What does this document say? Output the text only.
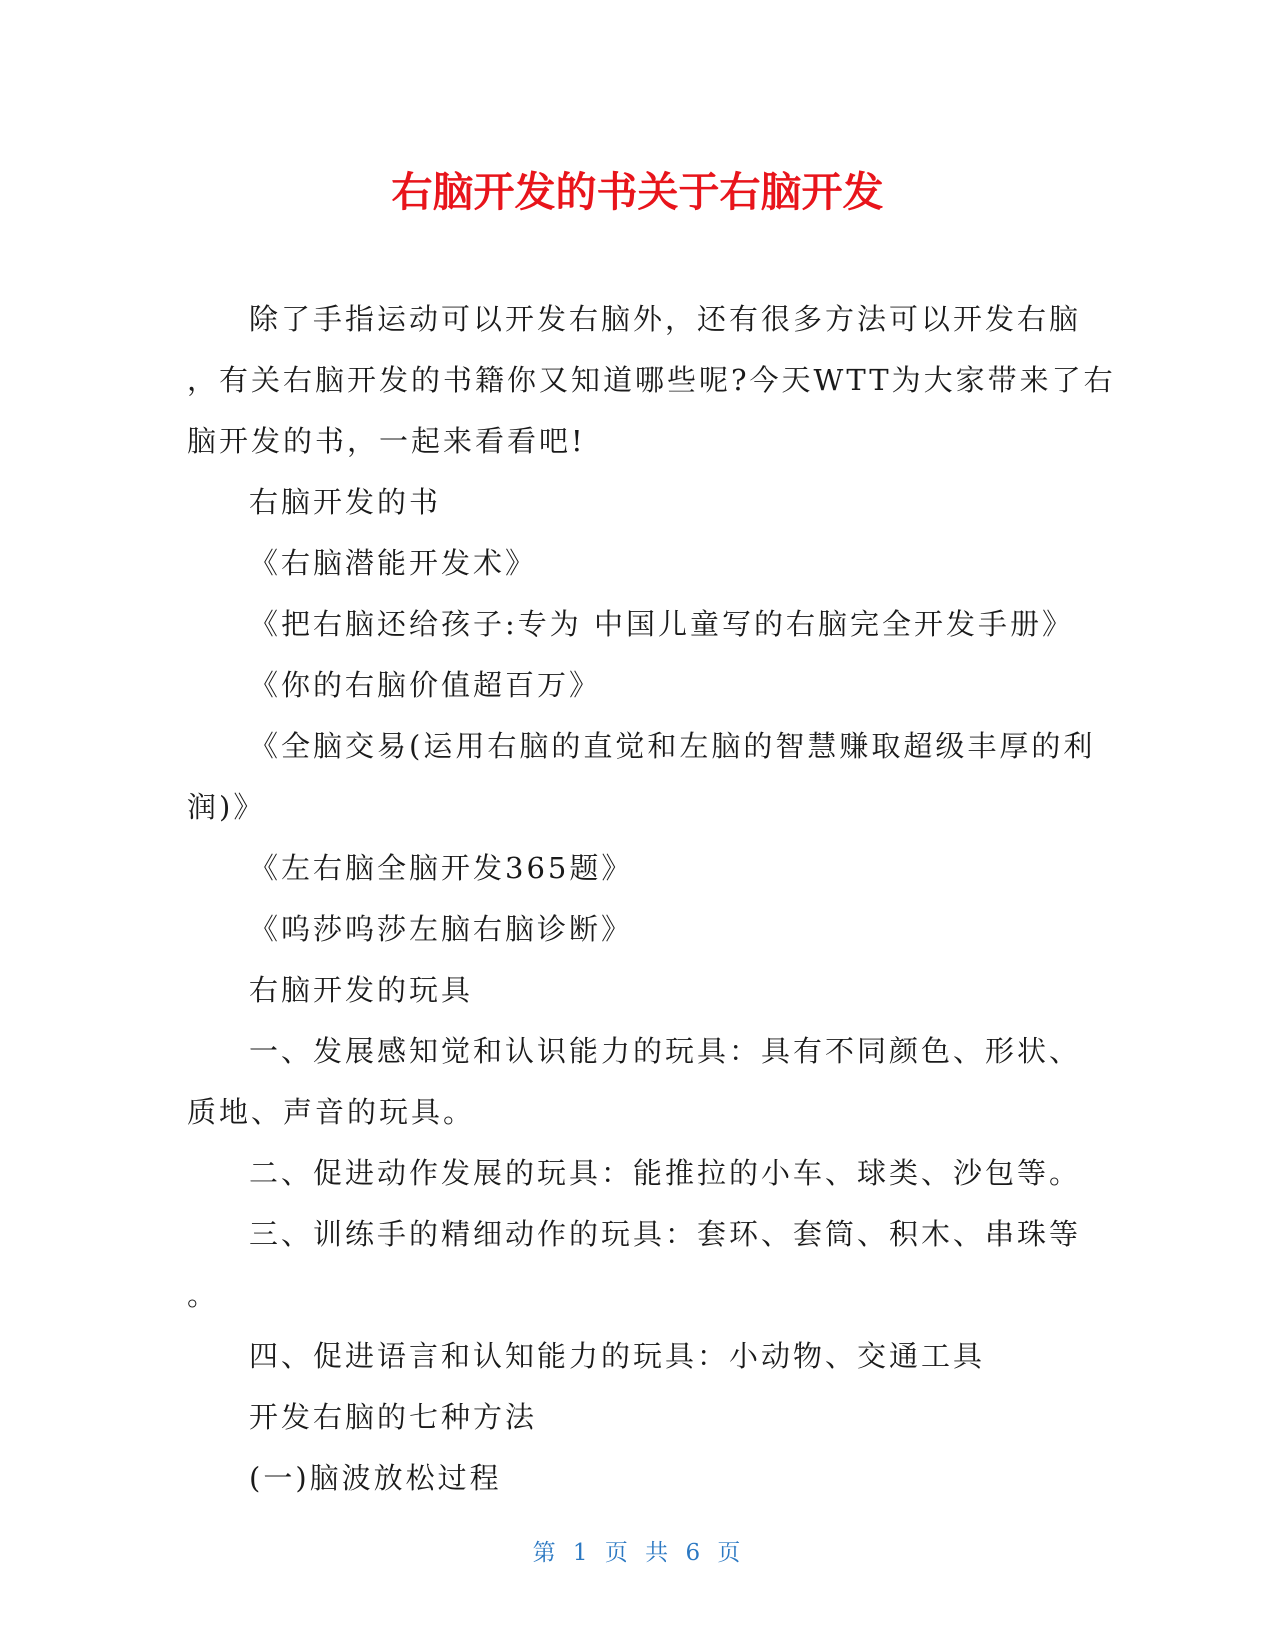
右脑开发的书关于右脑开发

除了手指运动可以开发右脑外，还有很多方法可以开发右脑

，有关右脑开发的书籍你又知道哪些呢?今天WTT为大家带来了右

脑开发的书，一起来看看吧!

右脑开发的书

《右脑潜能开发术》

《把右脑还给孩子:专为 中国儿童写的右脑完全开发手册》

《你的右脑价值超百万》

《全脑交易(运用右脑的直觉和左脑的智慧赚取超级丰厚的利

润)》

《左右脑全脑开发365题》

《呜莎呜莎左脑右脑诊断》

右脑开发的玩具

一、发展感知觉和认识能力的玩具：具有不同颜色、形状、

质地、声音的玩具。

二、促进动作发展的玩具：能推拉的小车、球类、沙包等。

三、训练手的精细动作的玩具：套环、套筒、积木、串珠等

。

四、促进语言和认知能力的玩具：小动物、交通工具

开发右脑的七种方法

(一)脑波放松过程

第 1 页 共 6 页
